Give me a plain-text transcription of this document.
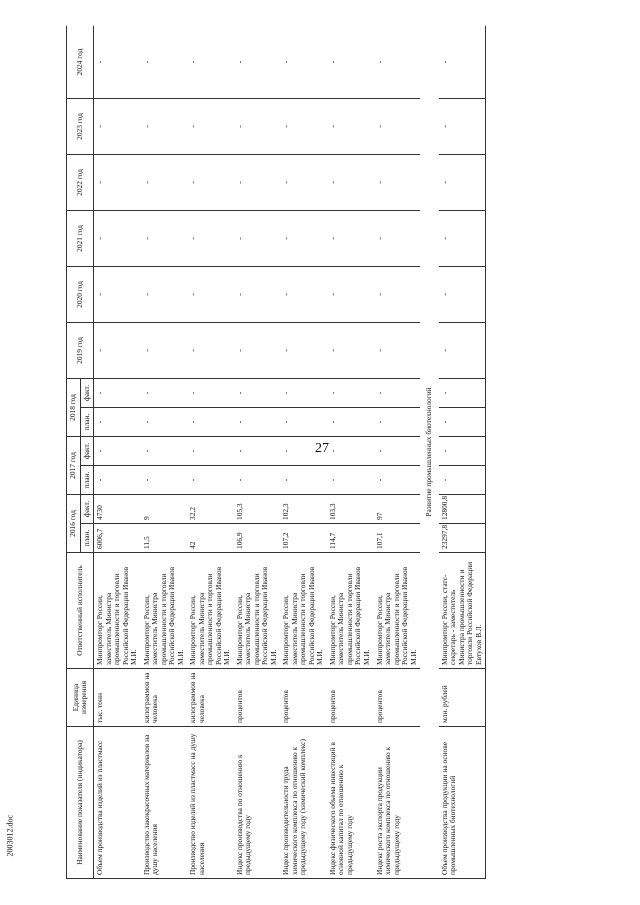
27
2003012.doc	Наименование показателя (индикатора)	Единица измерения	Ответственный исполнитель	2016 год		2017 год		2018 год		2019 год	2020 год	2021 год	2022 год	2023 год	2024 год
			план.	факт.	план.	факт.	план.	факт.						
Объем производства изделий из пластмасс	тыс. тонн	Минпромторг России, заместитель Министра промышленности и торговли Российской Федерации Иванов М.И.	6006,7	4730	-	-	-	-	-	-	-	-	-	-
Производство лакокрасочных материалов на душу населения	килограммов на человека	Минпромторг России, заместитель Министра промышленности и торговли Российской Федерации Иванов М.И.	11,5	9	-	-	-	-	-	-	-	-	-	-
Производство изделий из пластмасс на душу населения	килограммов на человека	Минпромторг России, заместитель Министра промышленности и торговли Российской Федерации Иванов М.И.	42	32,2	-	-	-	-	-	-	-	-	-	-
Индекс производства по отношению к предыдущему году	процентов	Минпромторг России, заместитель Министра промышленности и торговли Российской Федерации Иванов М.И.	106,9	105,3	-	-	-	-	-	-	-	-	-	-
Индекс производительности труда химического комплекса по отношению к предыдущему году (химический комплекс)	процентов	Минпромторг России, заместитель Министра промышленности и торговли Российской Федерации Иванов М.И.	107,2	102,3	-	-	-	-	-	-	-	-	-	-
Индекс физического объема инвестиций в основной капитал по отношению к предыдущему году	процентов	Минпромторг России, заместитель Министра промышленности и торговли Российской Федерации Иванов М.И.	114,7	103,3	-	-	-	-	-	-	-	-	-	-
Индекс роста экспорта продукции химического комплекса по отношению к предыдущему году	процентов	Минпромторг России, заместитель Министра промышленности и торговли Российской Федерации Иванов М.И.	107,1	97	-	-	-	-	-	-	-	-	-	-
Развитие промышленных биотехнологий														
Объем производства продукции на основе промышленных биотехнологий	млн. рублей	Минпромторг России, статс-секретарь - заместитель Министра промышленности и торговли Российской Федерации Евтухов В.Л.	23297,8	12800,8	-	-	-	-	-	-	-	-	-	-
